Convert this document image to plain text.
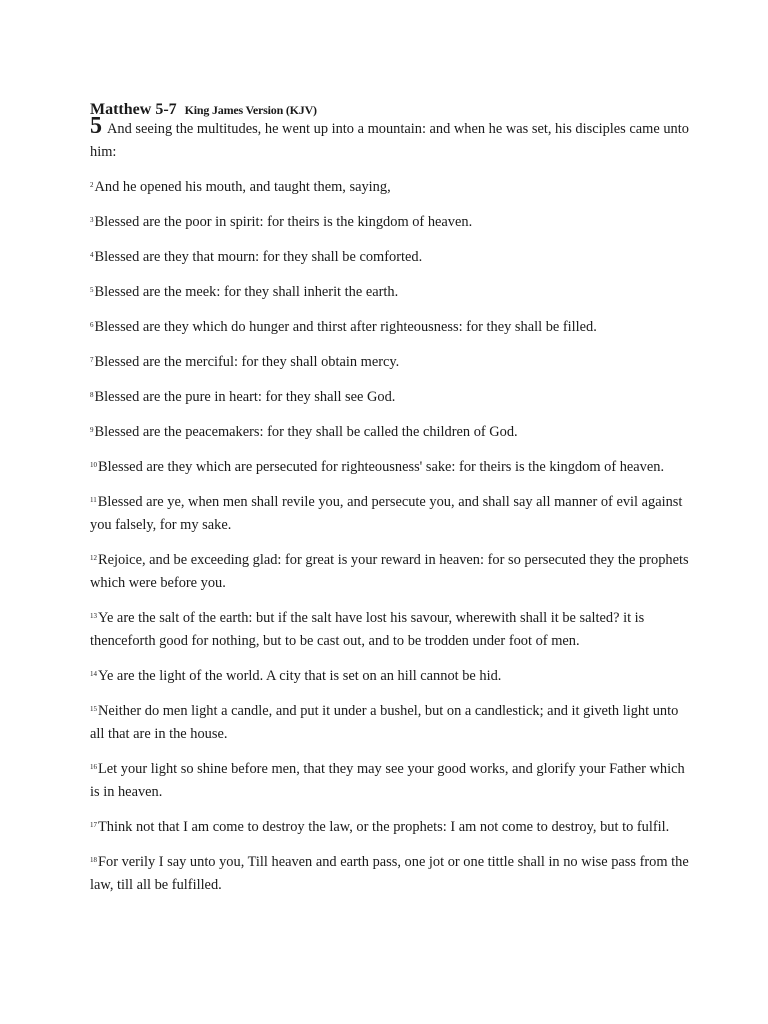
Matthew 5-7 King James Version (KJV)
5 And seeing the multitudes, he went up into a mountain: and when he was set, his disciples came unto him:
$^2$And he opened his mouth, and taught them, saying,
$^3$Blessed are the poor in spirit: for theirs is the kingdom of heaven.
$^4$Blessed are they that mourn: for they shall be comforted.
$^5$Blessed are the meek: for they shall inherit the earth.
$^6$Blessed are they which do hunger and thirst after righteousness: for they shall be filled.
$^7$Blessed are the merciful: for they shall obtain mercy.
$^8$Blessed are the pure in heart: for they shall see God.
$^9$Blessed are the peacemakers: for they shall be called the children of God.
$^{10}$Blessed are they which are persecuted for righteousness' sake: for theirs is the kingdom of heaven.
$^{11}$Blessed are ye, when men shall revile you, and persecute you, and shall say all manner of evil against you falsely, for my sake.
$^{12}$Rejoice, and be exceeding glad: for great is your reward in heaven: for so persecuted they the prophets which were before you.
$^{13}$Ye are the salt of the earth: but if the salt have lost his savour, wherewith shall it be salted? it is thenceforth good for nothing, but to be cast out, and to be trodden under foot of men.
$^{14}$Ye are the light of the world. A city that is set on an hill cannot be hid.
$^{15}$Neither do men light a candle, and put it under a bushel, but on a candlestick; and it giveth light unto all that are in the house.
$^{16}$Let your light so shine before men, that they may see your good works, and glorify your Father which is in heaven.
$^{17}$Think not that I am come to destroy the law, or the prophets: I am not come to destroy, but to fulfil.
$^{18}$For verily I say unto you, Till heaven and earth pass, one jot or one tittle shall in no wise pass from the law, till all be fulfilled.
